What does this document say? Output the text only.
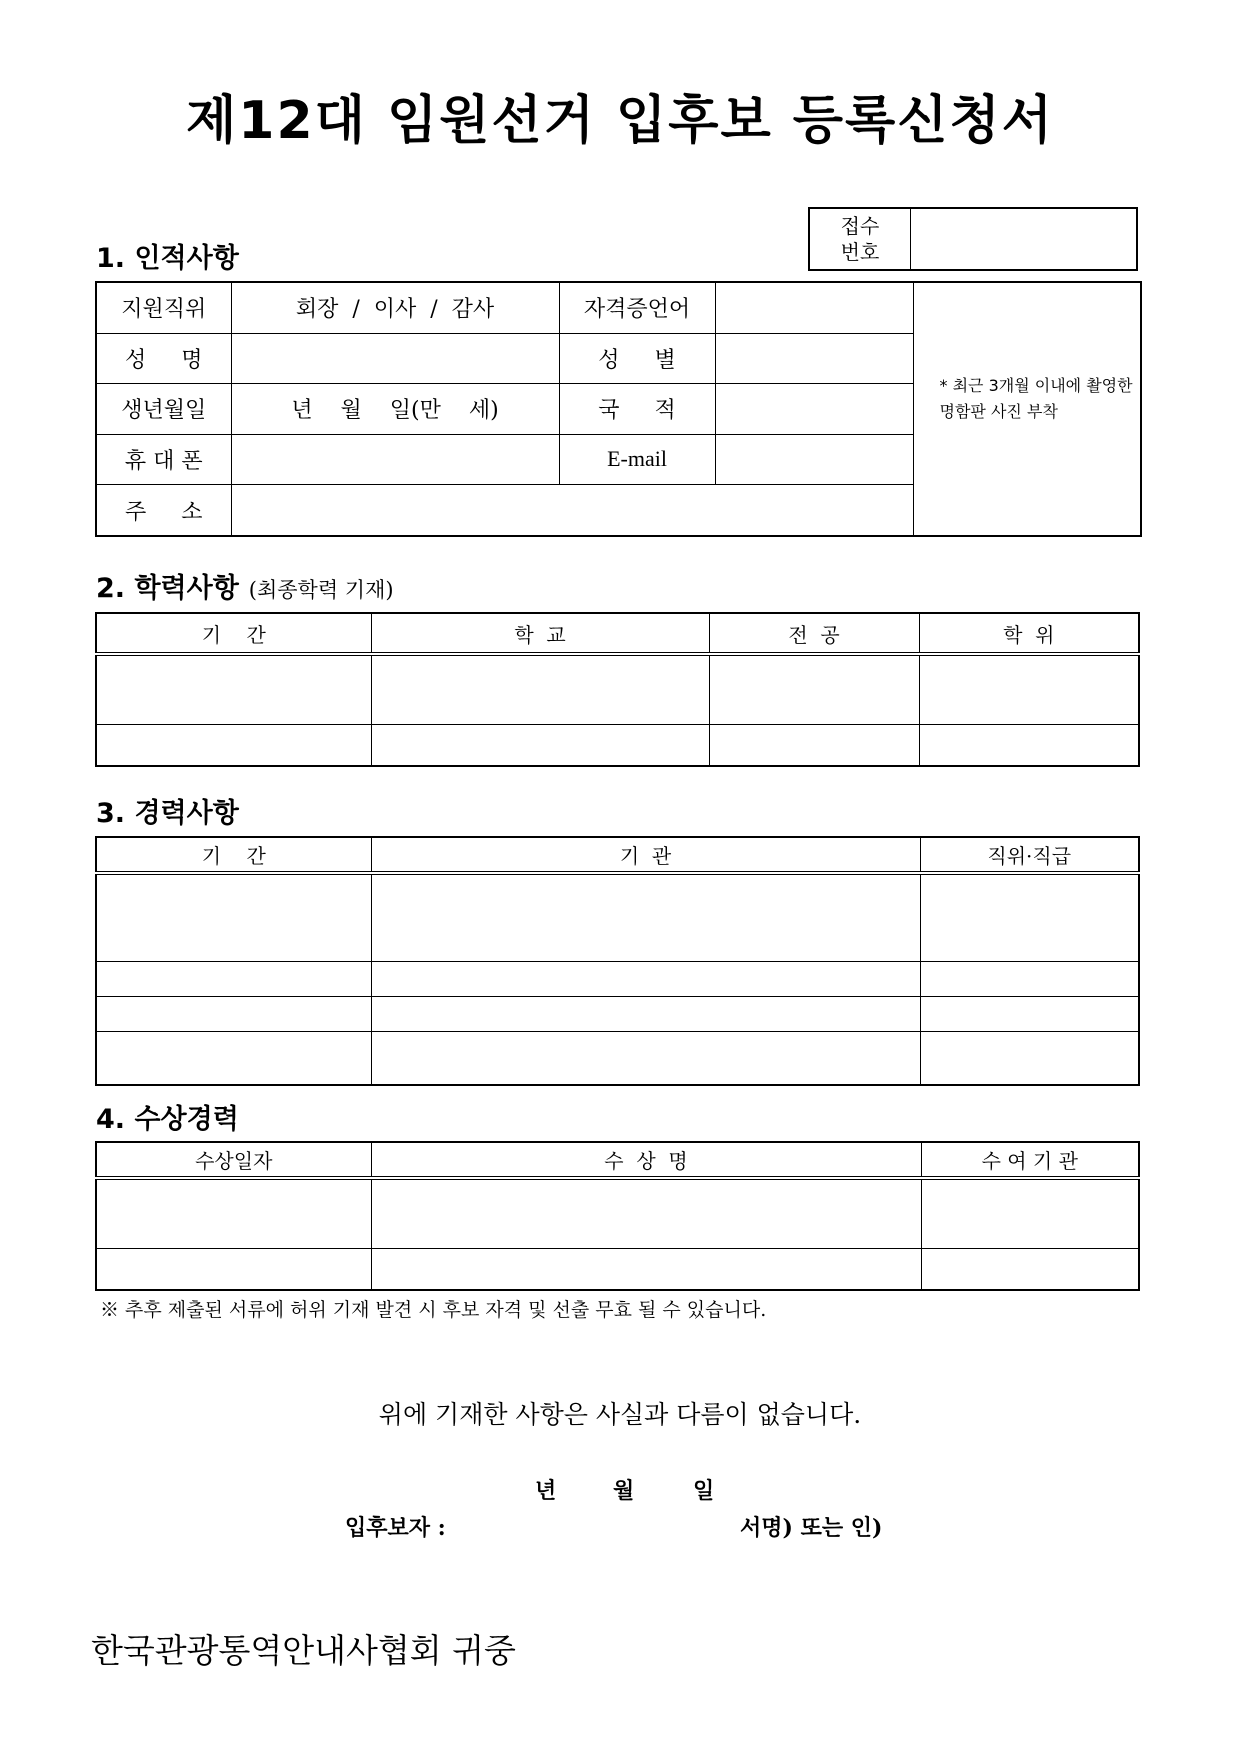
제12대 임원선거 입후보 등록신청서
접수
번호

1. 인적사항
지원직위	회장  /  이사  /  감사	자격증언어		* 최근 3개월 이내에 촬영한 명함판 사진 부착
성     명		성     별		
생년월일	년    월    일(만    세)	국     적		
휴 대 폰		E-mail		
주     소				
2. 학력사항 (최종학력 기재)
기    간	학  교	전  공	학  위

3. 경력사항
기    간	기  관	직위·직급

4. 수상경력
수상일자	수  상  명	수 여 기 관

※ 추후 제출된 서류에 허위 기재 발견 시 후보 자격 및 선출 무효 될 수 있습니다.
위에 기재한 사항은 사실과 다름이 없습니다.
년	월	일
입후보자 :	서명) 또는 인)
한국관광통역안내사협회 귀중
